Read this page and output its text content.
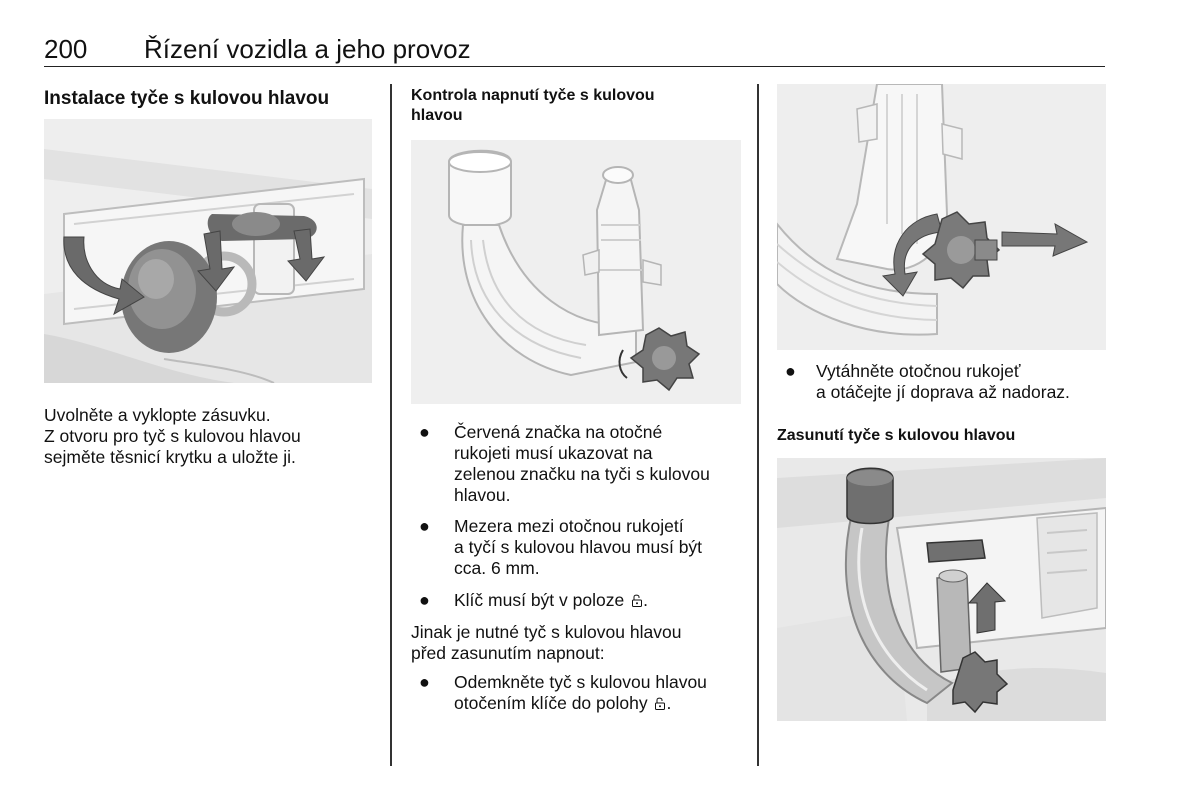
200 Řízení vozidla a jeho provoz
Instalace tyče s kulovou hlavou
Uvolněte a vyklopte zásuvku.
Z otvoru pro tyč s kulovou hlavou
sejměte těsnicí krytku a uložte ji.
Kontrola napnutí tyče s kulovou
hlavou
● Červená značka na otočné
rukojeti musí ukazovat na
zelenou značku na tyči s kulovou
hlavou.
● Mezera mezi otočnou rukojetí
a tyčí s kulovou hlavou musí být
cca. 6 mm.
● Klíč musí být v poloze .
Jinak je nutné tyč s kulovou hlavou
před zasunutím napnout:
● Odemkněte tyč s kulovou hlavou
otočením klíče do polohy .
● Vytáhněte otočnou rukojeť
a otáčejte jí doprava až nadoraz.
Zasunutí tyče s kulovou hlavou
